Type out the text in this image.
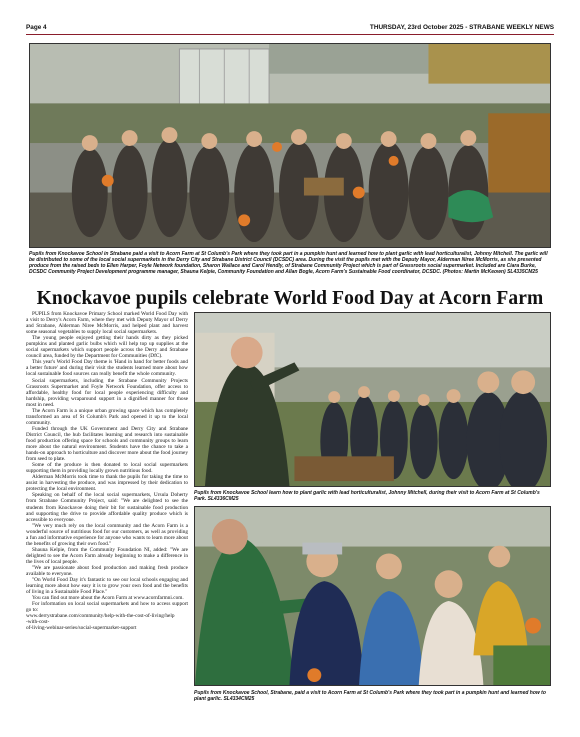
Page 4	THURSDAY, 23rd October 2025 - STRABANE WEEKLY NEWS
Pupils from Knockavoe School in Strabane paid a visit to Acorn Farm at St Columb's Park where they took part in a pumpkin hunt and learned how to plant garlic with lead horticulturalist, Johnny Mitchell. The garlic will be distributed to some of the local social supermarkets in the Derry City and Strabane District Council (DCSDC) area. During the visit the pupils met with the Deputy Mayor, Alderman Niree McMorris, as she presented produce from the raised beds to Ellen Harper, Foyle Network foundation, Sharon Wallace and Carol Hendly, of Strabane Community Project which is part of Grassroots social supermarket. Included are Ciara Burke, DCSDC Community Project Development programme manager, Shauna Kelpie, Community Foundation and Allan Bogle, Acorn Farm's Sustainable Food coordinator, DCSDC. (Photos: Martin McKeown) SL4335CM25
Knockavoe pupils celebrate World Food Day at Acorn Farm

PUPILS from Knockavoe Primary School marked World Food Day with a visit to Derry's Acorn Farm, where they met with Deputy Mayor of Derry and Strabane, Alderman Niree McMorris, and helped plant and harvest some seasonal vegetables to supply local social supermarkets.

The young people enjoyed getting their hands dirty as they picked pumpkins and planted garlic bulbs which will help top up supplies at the social supermarkets which support people across the Derry and Strabane council area, funded by the Department for Communities (DfC).

This year's World Food Day theme is 'Hand in hand for better foods and a better future' and during their visit the students learned more about how local sustainable food sources can really benefit the whole community.

Social supermarkets, including the Strabane Community Projects Grassroots Supermarket and Foyle Network Foundation, offer access to affordable, healthy food for local people experiencing difficulty and hardship, providing wraparound support in a dignified manner for those most in need.

The Acorn Farm is a unique urban growing space which has completely transformed an area of St Columb's Park and opened it up to the local community.

Funded through the UK Government and Derry City and Strabane District Council, the hub facilitates learning and research into sustainable food production offering space for schools and community groups to learn more about the natural environment. Students have the chance to take a hands-on approach to horticulture and discover more about the food journey from seed to plate.

Some of the produce is then donated to local social supermarkets supporting them in providing locally grown nutritious food.

Alderman McMorris took time to thank the pupils for taking the time to assist in harvesting the produce, and was impressed by their dedication to protecting the local environment.

Speaking on behalf of the local social supermarkets, Ursula Doherty from Strabane Community Project, said: "We are delighted to see the students from Knockavoe doing their bit for sustainable food production and supporting the drive to provide affordable quality produce which is accessible to everyone.

"We very much rely on the local community and the Acorn Farm is a wonderful source of nutritious food for our customers, as well as providing a fun and informative experience for anyone who wants to learn more about the benefits of growing their own food."

Shauna Kelpie, from the Community Foundation NI, added: "We are delighted to see the Acorn Farm already beginning to make a difference in the lives of local people.

"We are passionate about food production and making fresh produce available to everyone.

"On World Food Day it's fantastic to see our local schools engaging and learning more about how easy it is to grow your own food and the benefits of living in a Sustainable Food Place."

You can find out more about the Acorn Farm at www.acornfarmni.com.

For information on local social supermarkets and how to access support go to:

www.derrystrabane.com/community/help-with-the-cost-of-living/help

-with-cost-

of-living-webinar-series/social-supermarket-support

Pupils from Knockavoe School learn how to plant garlic with lead horticulturalist, Johnny Mitchell, during their visit to Acorn Farm at St Columb's Park. SL4336CM25
Pupils from Knockavoe School, Strabane, paid a visit to Acorn Farm at St Columb's Park where they took part in a pumpkin hunt and learned how to plant garlic. SL4334CM25
